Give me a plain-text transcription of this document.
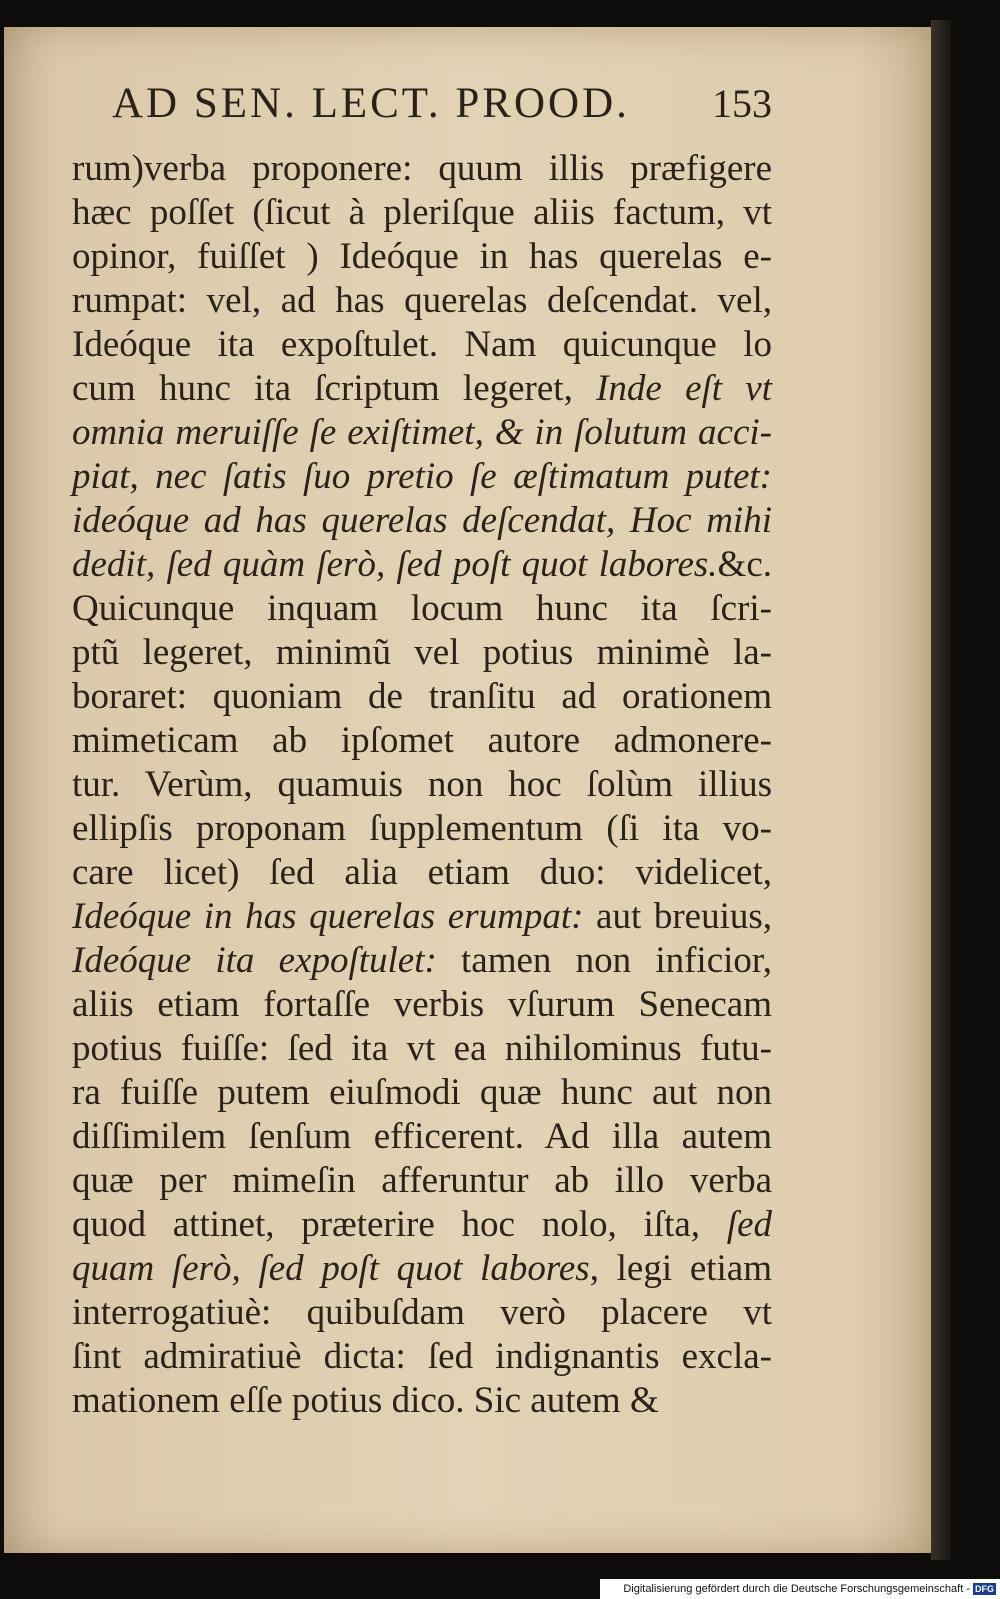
AD SEN. LECT. PROOD. 153
rum)verba proponere: quum illis præfigere
hæc poſſet (ſicut à pleriſque aliis factum, vt
opinor, fuiſſet ) Ideóque in has querelas e-
rumpat: vel, ad has querelas deſcendat. vel,
Ideóque ita expoſtulet. Nam quicunque lo
cum hunc ita ſcriptum legeret, Inde eſt vt
omnia meruiſſe ſe exiſtimet, & in ſolutum acci-
piat, nec ſatis ſuo pretio ſe æſtimatum putet:
ideóque ad has querelas deſcendat, Hoc mihi
dedit, ſed quàm ſerò, ſed poſt quot labores.&c.
Quicunque inquam locum hunc ita ſcri-
ptũ legeret, minimũ vel potius minimè la-
boraret: quoniam de tranſitu ad orationem
mimeticam ab ipſomet autore admonere-
tur. Verùm, quamuis non hoc ſolùm illius
ellipſis proponam ſupplementum (ſi ita vo-
care licet) ſed alia etiam duo: videlicet,
Ideóque in has querelas erumpat: aut breuius,
Ideóque ita expoſtulet: tamen non inficior,
aliis etiam fortaſſe verbis vſurum Senecam
potius fuiſſe: ſed ita vt ea nihilominus futu-
ra fuiſſe putem eiuſmodi quæ hunc aut non
diſſimilem ſenſum efficerent. Ad illa autem
quæ per mimeſin afferuntur ab illo verba
quod attinet, præterire hoc nolo, iſta, ſed
quam ſerò, ſed poſt quot labores, legi etiam
interrogatiuè: quibuſdam verò placere vt
ſint admiratiuè dicta: ſed indignantis excla-
mationem eſſe potius dico. Sic autem &
Digitalisierung gefördert durch die Deutsche Forschungsgemeinschaft - DFG
